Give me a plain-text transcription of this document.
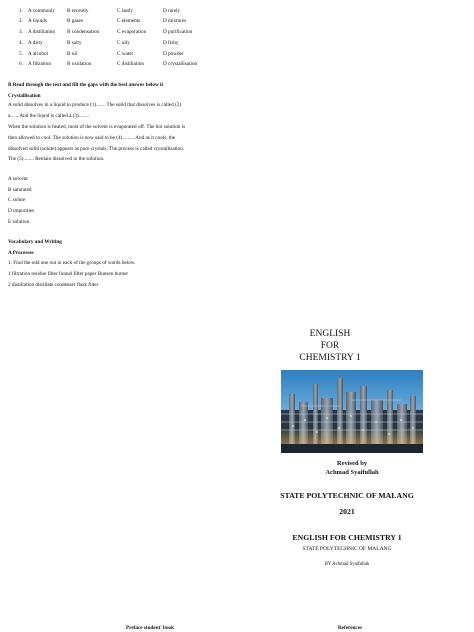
1. A commonly B recently	C lastly	D rarely
2. A liquids	B gases	C elements	D mixtures
3. A distillation B condensation	C evaporation	D purification
4. A dirty	B salty	C oily	D fishy
5. A alcohol	B oil	C water	D powder
6. A filtration	B oxidation	C distillation	D crystallisation
B Read through the text and fill the gaps with the best answer below it
Crystallisation
A solid dissolves in a liquid to produce (1)....... The solid that dissolves is called (2)
a.......And the liquid is called a (3)........
When the solution is heated, most of the solvent is evaporated off. The hot solution is
then allowed to cool. The solution is now said to be (4)..........And as it cools, the
dissolved solid (solute) appears as pure crystals. The process is called crystallisation.
The (5)........ Remain dissolved in the solution.
A solvent
B saturated
C solute
D impurities
E solution
Vocabulary and Writing
A Processes
1. Find the odd one out in each of the groups of words below.
1 filtration residue filter funnel filter paper Bunsen burner
2 distillation distillate condenser flask filter
ENGLISH
FOR
CHEMISTRY 1
Revised by
Achmad Syaifullah
STATE POLYTECHNIC OF MALANG
2021
ENGLISH FOR CHEMISTRY 1
STATE POLYTECHNIC OF MALANG
BY Achmad Syaifullah
Preface student' book	References
